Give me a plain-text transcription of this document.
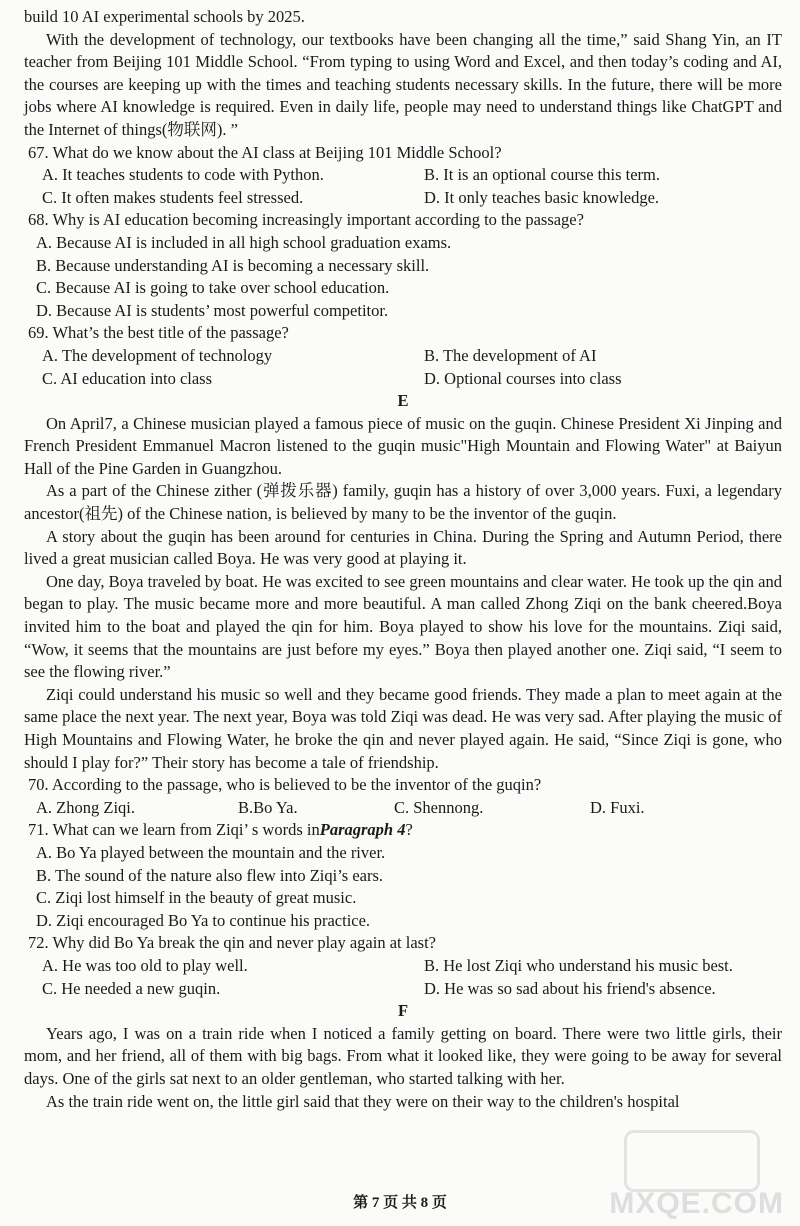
build 10 AI experimental schools by 2025.

With the development of technology, our textbooks have been changing all the time,” said Shang Yin, an IT teacher from Beijing 101 Middle School. “From typing to using Word and Excel, and then today’s coding and AI, the courses are keeping up with the times and teaching students necessary skills. In the future, there will be more jobs where AI knowledge is required. Even in daily life, people may need to understand things like ChatGPT and the Internet of things(物联网). ”

67. What do we know about the AI class at Beijing 101 Middle School?

A. It teaches students to code with Python.	B. It is an optional course this term.
C. It often makes students feel stressed.	D. It only teaches basic knowledge.

68. Why is AI education becoming increasingly important according to the passage?

A. Because AI is included in all high school graduation exams.
B. Because understanding AI is becoming a necessary skill.
C. Because AI is going to take over school education.
D. Because AI is students’ most powerful competitor.

69. What’s the best title of the passage?

A. The development of technology	B. The development of AI
C. AI education into class	D. Optional courses into class

E

On April7, a Chinese musician played a famous piece of music on the guqin. Chinese President Xi Jinping and French President Emmanuel Macron listened to the guqin music"High Mountain and Flowing Water" at Baiyun Hall of the Pine Garden in Guangzhou.

As a part of the Chinese zither (弹拨乐器) family, guqin has a history of over 3,000 years. Fuxi, a legendary ancestor(祖先) of the Chinese nation, is believed by many to be the inventor of the guqin.

A story about the guqin has been around for centuries in China. During the Spring and Autumn Period, there lived a great musician called Boya. He was very good at playing it.

One day, Boya traveled by boat. He was excited to see green mountains and clear water. He took up the qin and began to play. The music became more and more beautiful. A man called Zhong Ziqi on the bank cheered.Boya invited him to the boat and played the qin for him. Boya played to show his love for the mountains. Ziqi said, “Wow, it seems that the mountains are just before my eyes.” Boya then played another one. Ziqi said, “I seem to see the flowing river.”

Ziqi could understand his music so well and they became good friends. They made a plan to meet again at the same place the next year. The next year, Boya was told Ziqi was dead. He was very sad. After playing the music of High Mountains and Flowing Water, he broke the qin and never played again. He said, “Since Ziqi is gone, who should I play for?” Their story has become a tale of friendship.

70. According to the passage, who is believed to be the inventor of the guqin?

A. Zhong Ziqi.	B.Bo Ya.	C. Shennong.	D. Fuxi.

71. What can we learn from Ziqi’ s words inParagraph 4?

A. Bo Ya played between the mountain and the river.
B. The sound of the nature also flew into Ziqi’s ears.
C. Ziqi lost himself in the beauty of great music.
D. Ziqi encouraged Bo Ya to continue his practice.

72. Why did Bo Ya break the qin and never play again at last?

A. He was too old to play well.	B. He lost Ziqi who understand his music best.
C. He needed a new guqin.	D. He was so sad about his friend's absence.

F

Years ago, I was on a train ride when I noticed a family getting on board. There were two little girls, their mom, and her friend, all of them with big bags. From what it looked like, they were going to be away for several days. One of the girls sat next to an older gentleman, who started talking with her.

As the train ride went on, the little girl said that they were on their way to the children's hospital

第 7 页 共 8 页	MXQE.COM
